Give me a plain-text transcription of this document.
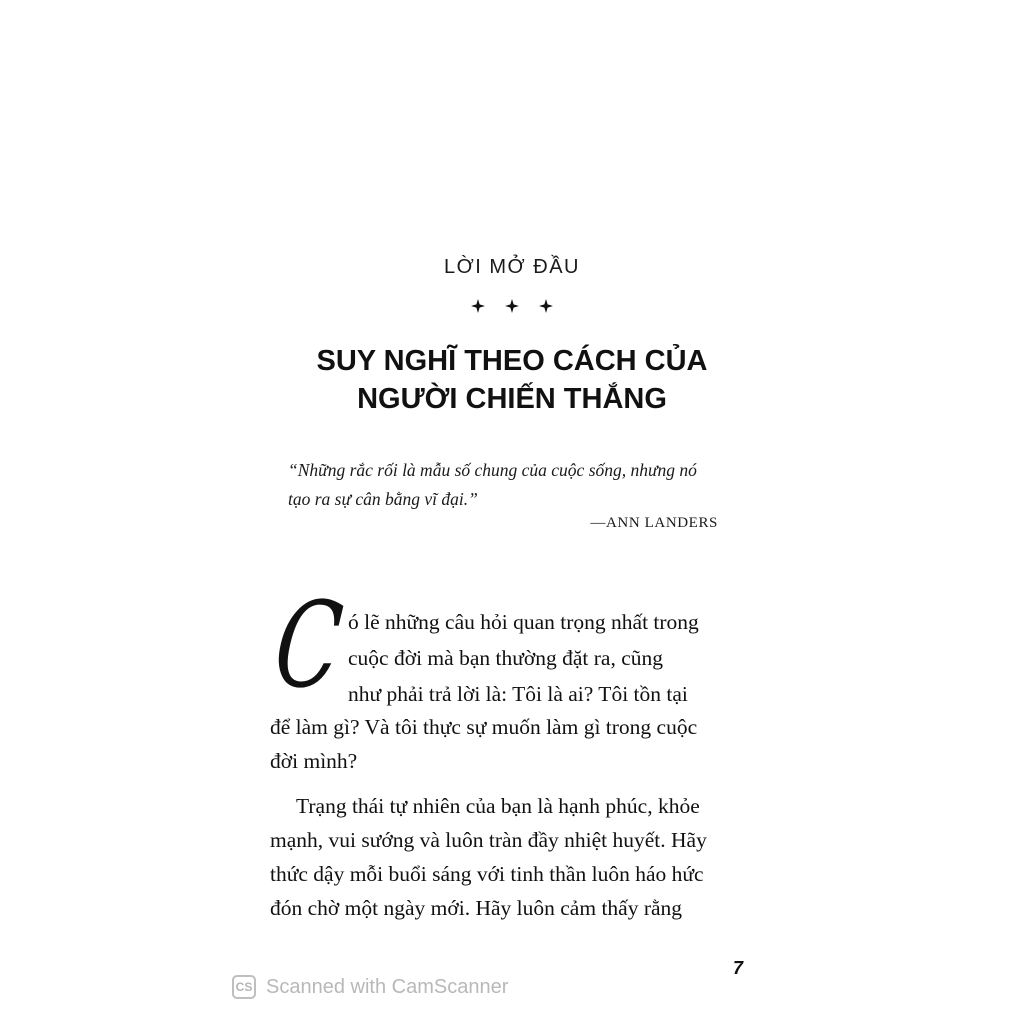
LỜI MỞ ĐẦU
SUY NGHĨ THEO CÁCH CỦA
NGƯỜI CHIẾN THẮNG
“Những rắc rối là mẫu số chung của cuộc sống, nhưng nó
tạo ra sự cân bằng vĩ đại.”
—ANN LANDERS
C ó lẽ những câu hỏi quan trọng nhất trong
cuộc đời mà bạn thường đặt ra, cũng
như phải trả lời là: Tôi là ai? Tôi tồn tại
để làm gì? Và tôi thực sự muốn làm gì trong cuộc
đời mình?
Trạng thái tự nhiên của bạn là hạnh phúc, khỏe
mạnh, vui sướng và luôn tràn đầy nhiệt huyết. Hãy
thức dậy mỗi buổi sáng với tinh thần luôn háo hức
đón chờ một ngày mới. Hãy luôn cảm thấy rằng
7
CS Scanned with CamScanner
